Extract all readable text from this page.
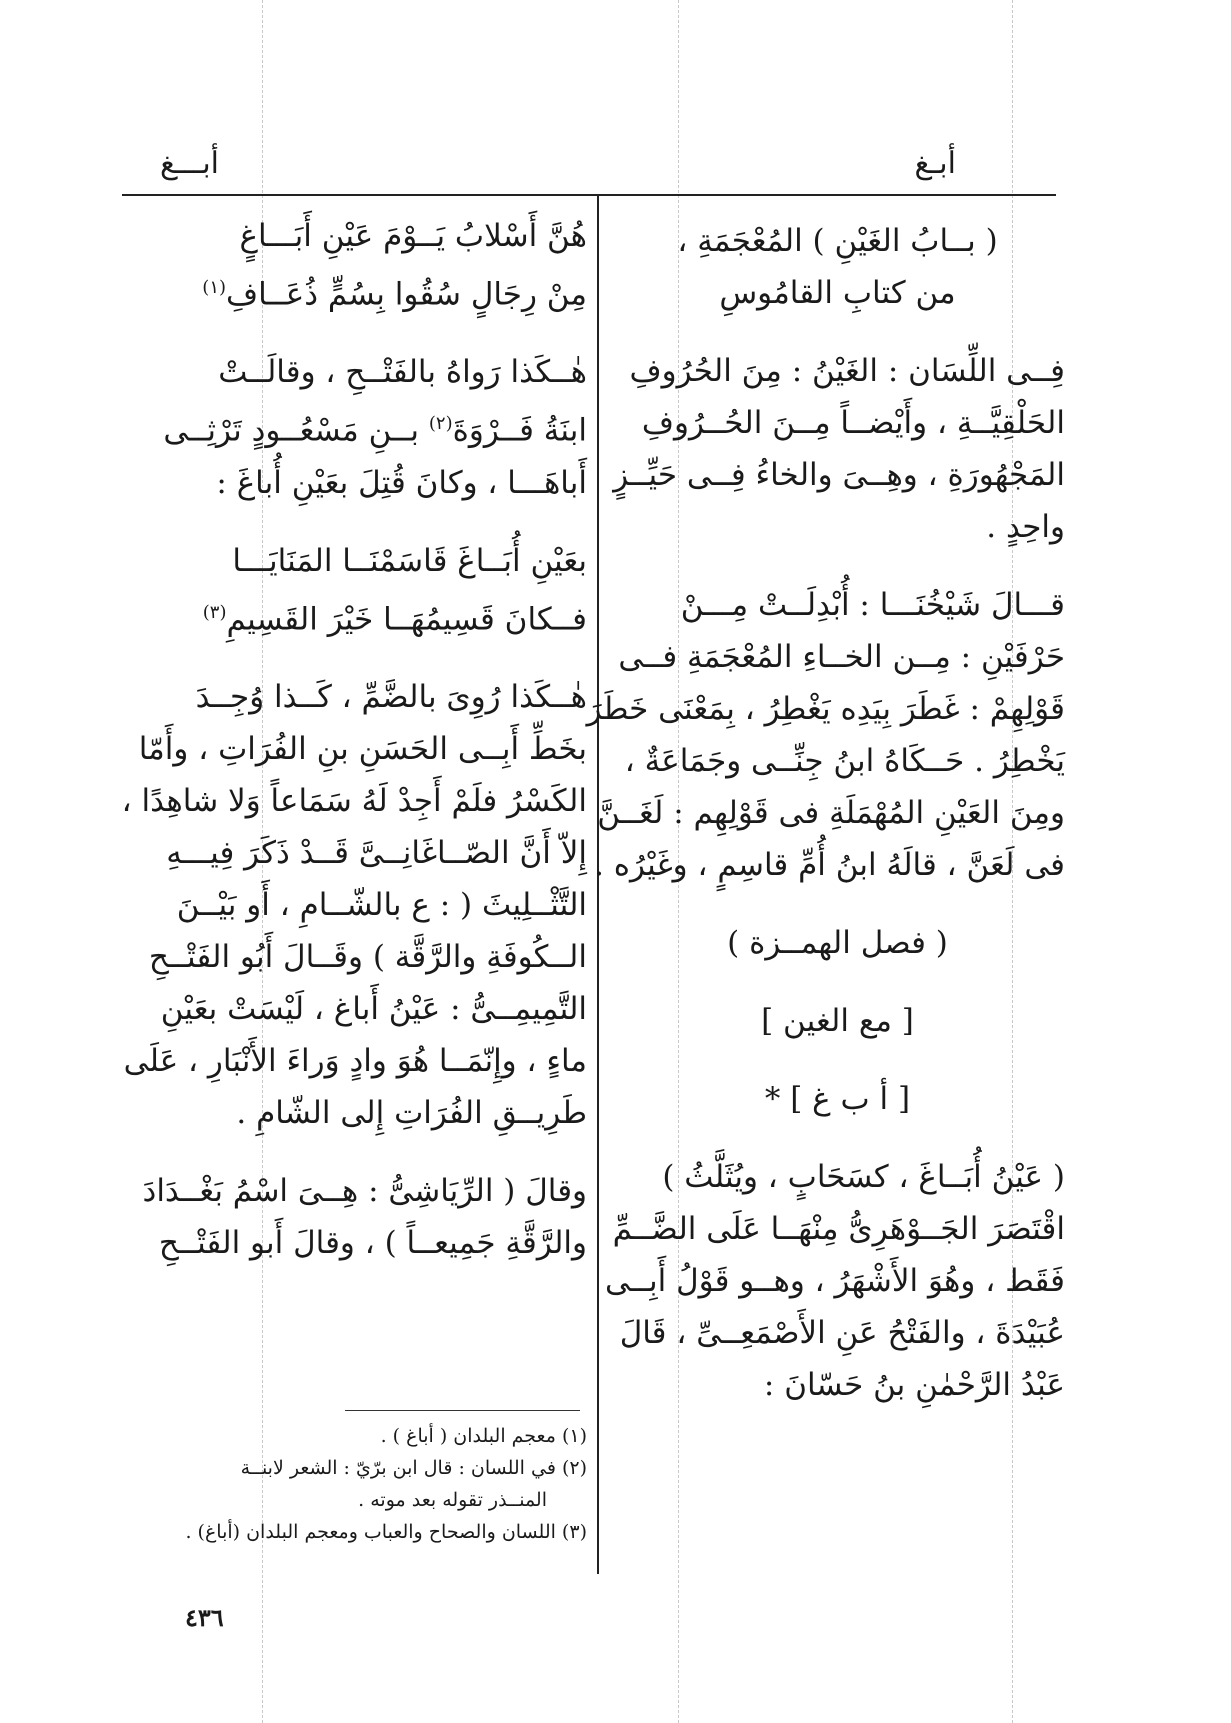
أبـغ
أبـــغ
( بــابُ الغَيْنِ ) المُعْجَمَةِ ،
من كتابِ القامُوسِ
فِــى اللِّسَان : الغَيْنُ : مِنَ الحُرُوفِ
الحَلْقِيَّــةِ ، وأَيْضــاً مِــنَ الحُــرُوفِ
المَجْهُورَةِ ، وهِــىَ والخاءُ فِــى حَيِّــزٍ
واحِدٍ .
قـــالَ شَيْخُنَـــا : أُبْدِلَــتْ مِـــنْ
حَرْفَيْنِ : مِــن الخــاءِ المُعْجَمَةِ فــى
قَوْلِهِمْ : غَطَرَ بِيَدِه يَغْطِرُ ، بِمَعْنَى خَطَرَ
يَخْطِرُ . حَــكَاهُ ابنُ جِنِّــى وجَمَاعَةٌ ،
ومِنَ العَيْنِ المُهْمَلَةِ فى قَوْلِهِم : لَغَــنَّ
فى لَعَنَّ ، قالَهُ ابنُ أُمِّ قاسِمٍ ، وغَيْرُه .
( فصل الهمــزة )
[ مع الغين ]
[ أ ب غ ] *
( عَيْنُ أُبَــاغَ ، كسَحَابٍ ، ويُثَلَّثُ )
اقْتَصَرَ الجَــوْهَرِىُّ مِنْهَــا عَلَى الضَّــمِّ
فَقَط ، وهُوَ الأَشْهَرُ ، وهــو قَوْلُ أَبِــى
عُبَيْدَةَ ، والفَتْحُ عَنِ الأَصْمَعِــىِّ ، قَالَ
عَبْدُ الرَّحْمٰنِ بنُ حَسّانَ :
هُنَّ أَسْلابُ يَــوْمَ عَيْنِ أَبَـــاغٍ
مِنْ رِجَالٍ سُقُوا بِسُمٍّ ذُعَــافِ$^{(١)}$
هٰــكَذا رَواهُ بالفَتْــحِ ، وقالَــتْ
ابنَةُ فَــرْوَةَ$^{(٢)}$ بــنِ مَسْعُــودٍ تَرْثِــى
أَباهَـــا ، وكانَ قُتِلَ بعَيْنِ أُباغَ :
بعَيْنِ أُبَــاغَ قَاسَمْنَــا المَنَايَـــا
فــكانَ قَسِيمُهَــا خَيْرَ القَسِيمِ$^{(٣)}$
هٰــكَذا رُوِىَ بالضَّمِّ ، كَــذا وُجِــدَ
بخَطِّ أَبِــى الحَسَنِ بنِ الفُرَاتِ ، وأَمّا
الكَسْرُ فلَمْ أَجِدْ لَهُ سَمَاعاً وَلا شاهِدًا ،
إِلاّ أَنَّ الصّــاغَانِــىَّ قَــدْ ذَكَرَ فِيـــهِ
التَّثْــلِيثَ ( : ع بالشّــامِ ، أَو بَيْــنَ
الــكُوفَةِ والرَّقَّة ) وقَــالَ أَبُو الفَتْــحِ
التَّمِيمِــىُّ : عَيْنُ أَباغ ، لَيْسَتْ بعَيْنِ
ماءٍ ، وإِنّمَــا هُوَ وادٍ وَراءَ الأَنْبَارِ ، عَلَى
طَرِيــقِ الفُرَاتِ إِلى الشّامِ .
وقالَ ( الرِّيَاشِىُّ : هِــىَ اسْمُ بَغْــدَادَ
والرَّقَّةِ جَمِيعــاً ) ، وقالَ أَبو الفَتْــحِ
(١) معجم البلدان ( أباغ ) .
(٢) في اللسان : قال ابن برّيّ : الشعر لابنــة
المنــذر تقوله بعد موته .
(٣) اللسان والصحاح والعباب ومعجم البلدان (أباغ) .
٤٣٦
